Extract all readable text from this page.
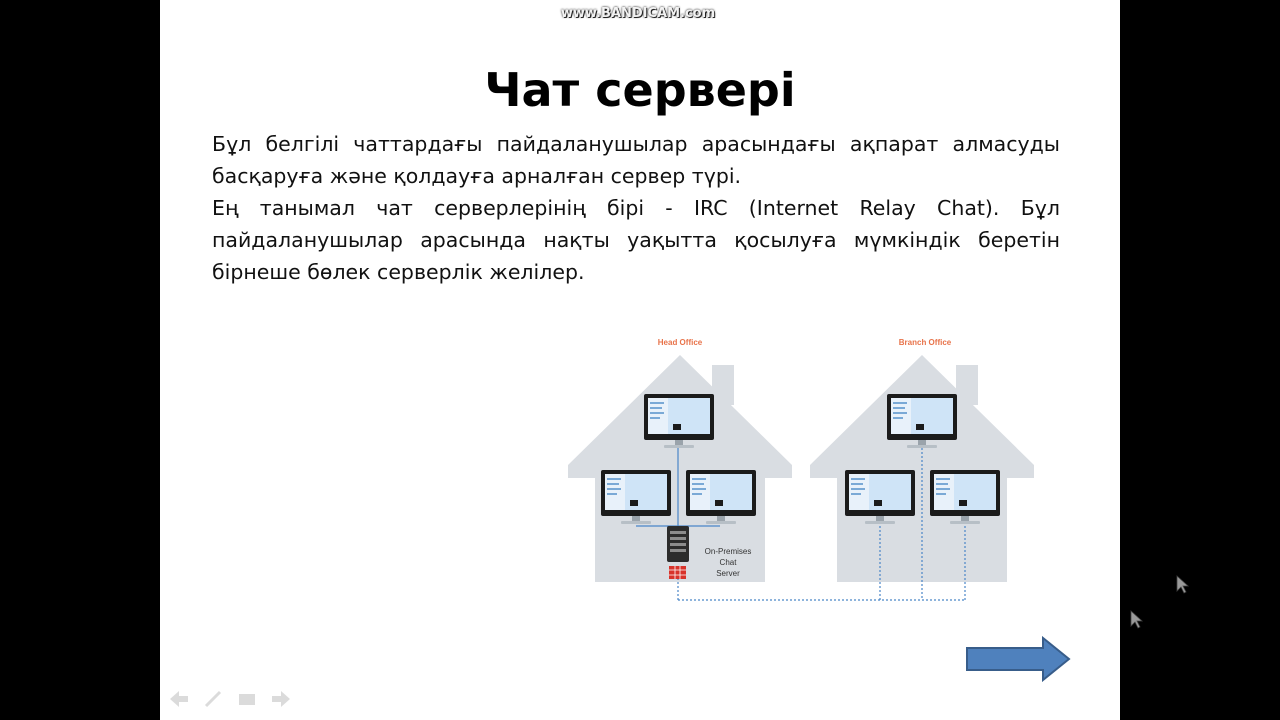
www.BANDICAM.com
Чат сервері

Бұл белгілі чаттардағы пайдаланушылар арасындағы ақпарат алмасуды басқаруға және қолдауға арналған сервер түрі.

Ең танымал чат серверлерінің бірі - IRC (Internet Relay Chat). Бұл пайдаланушылар арасында нақты уақытта қосылуға мүмкіндік беретін бірнеше бөлек серверлік желілер.

Head Office	Branch Office
On-Premises
Chat
Server
